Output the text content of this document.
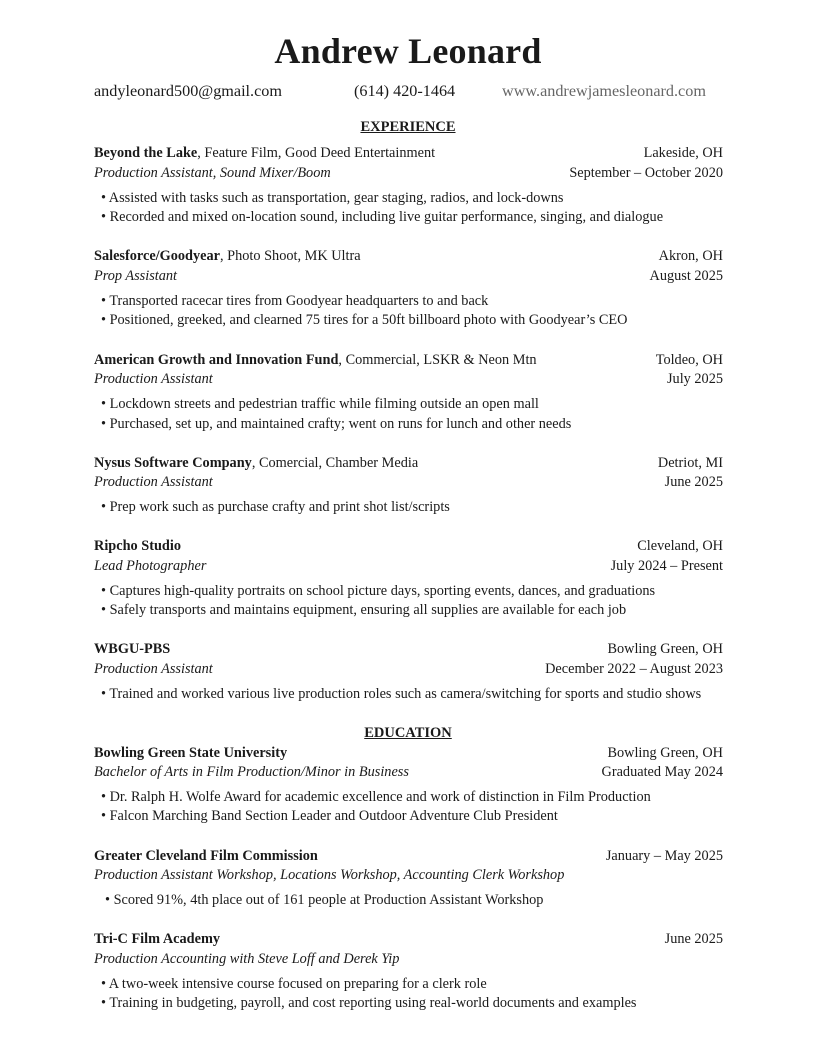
Andrew Leonard
andyleonard500@gmail.com	(614) 420-1464	www.andrewjamesleonard.com
EXPERIENCE
Beyond the Lake, Feature Film, Good Deed Entertainment	Lakeside, OH
Production Assistant, Sound Mixer/Boom	September – October 2020
• Assisted with tasks such as transportation, gear staging, radios, and lock-downs
• Recorded and mixed on-location sound, including live guitar performance, singing, and dialogue
Salesforce/Goodyear, Photo Shoot, MK Ultra	Akron, OH
Prop Assistant	August 2025
• Transported racecar tires from Goodyear headquarters to and back
• Positioned, greeked, and clearned 75 tires for a 50ft billboard photo with Goodyear’s CEO
American Growth and Innovation Fund, Commercial, LSKR & Neon Mtn	Toldeo, OH
Production Assistant	July 2025
• Lockdown streets and pedestrian traffic while filming outside an open mall
• Purchased, set up, and maintained crafty; went on runs for lunch and other needs
Nysus Software Company, Comercial, Chamber Media	Detriot, MI
Production Assistant	June 2025
• Prep work such as purchase crafty and print shot list/scripts
Ripcho Studio	Cleveland, OH
Lead Photographer	July 2024 – Present
• Captures high-quality portraits on school picture days, sporting events, dances, and graduations
• Safely transports and maintains equipment, ensuring all supplies are available for each job
WBGU-PBS	Bowling Green, OH
Production Assistant	December 2022 – August 2023
• Trained and worked various live production roles such as camera/switching for sports and studio shows
EDUCATION
Bowling Green State University	Bowling Green, OH
Bachelor of Arts in Film Production/Minor in Business	Graduated May 2024
• Dr. Ralph H. Wolfe Award for academic excellence and work of distinction in Film Production
• Falcon Marching Band Section Leader and Outdoor Adventure Club President
Greater Cleveland Film Commission	January – May 2025
Production Assistant Workshop, Locations Workshop, Accounting Clerk Workshop
• Scored 91%, 4th place out of 161 people at Production Assistant Workshop
Tri-C Film Academy	June 2025
Production Accounting with Steve Loff and Derek Yip
• A two-week intensive course focused on preparing for a clerk role
• Training in budgeting, payroll, and cost reporting using real-world documents and examples
